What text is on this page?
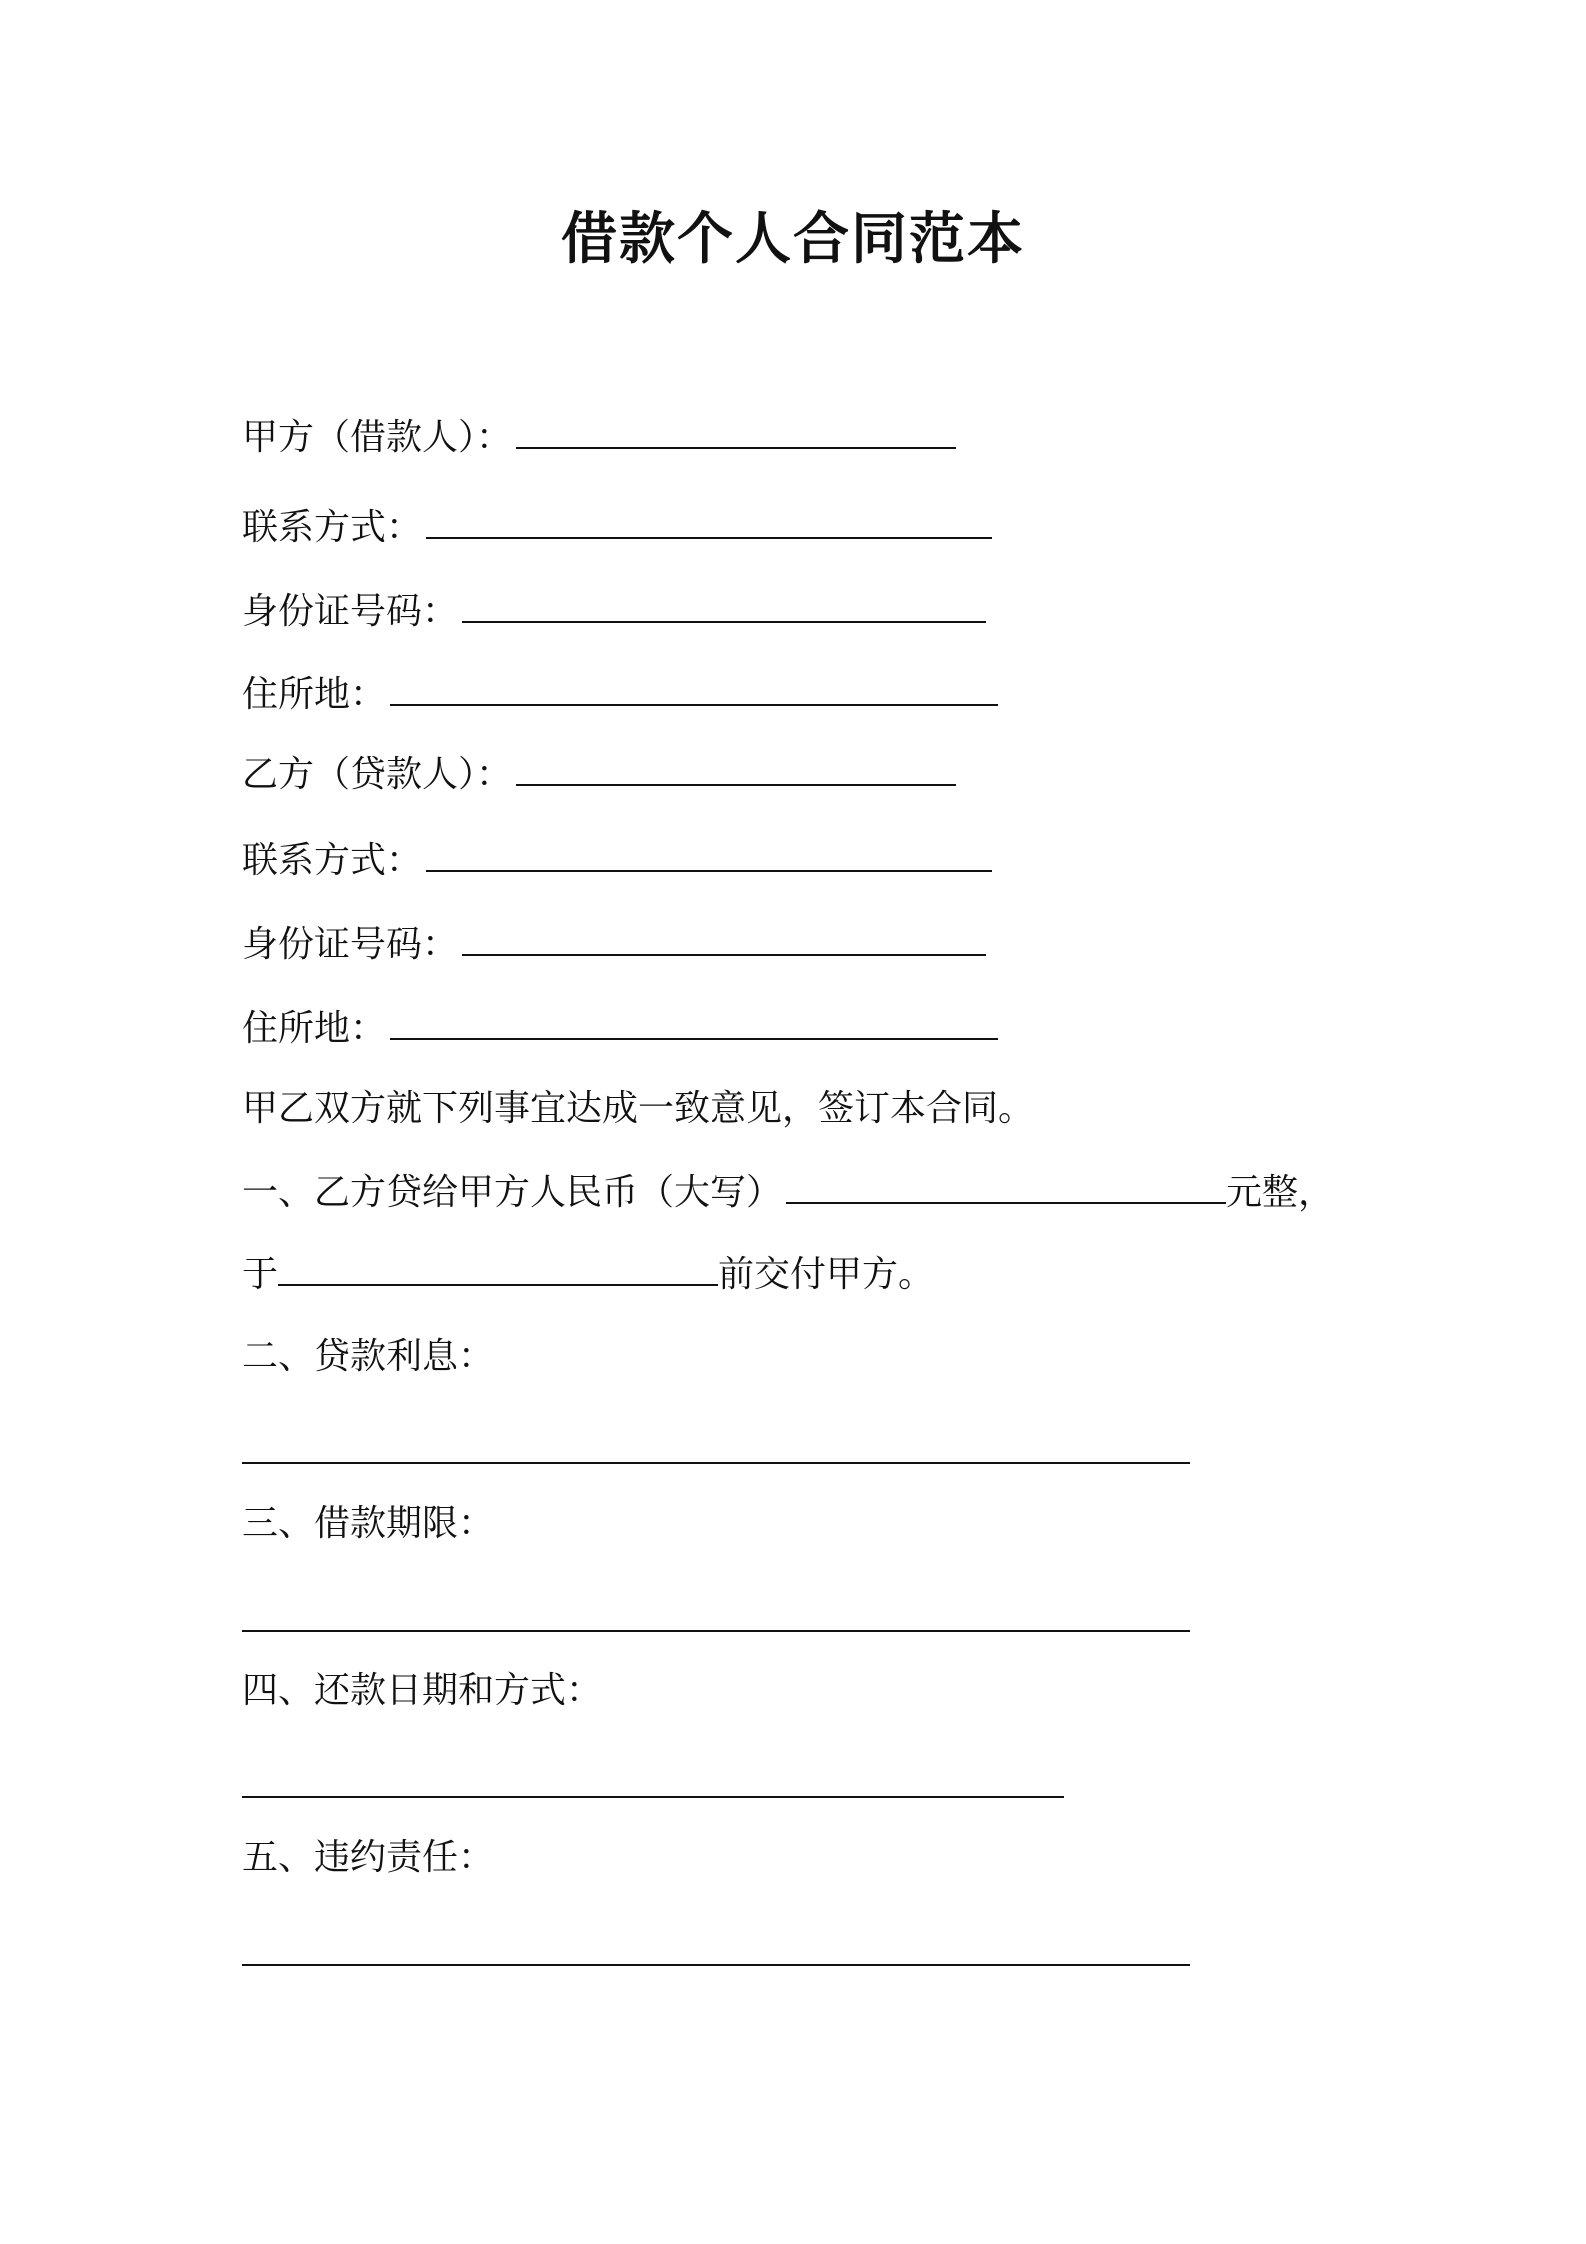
借款个人合同范本
甲方（借款人）：
联系方式：
身份证号码：
住所地：
乙方（贷款人）：
联系方式：
身份证号码：
住所地：
甲乙双方就下列事宜达成一致意见，签订本合同。
一、乙方贷给甲方人民币（大写）	元整，
于	前交付甲方。
二、贷款利息：
三、借款期限：
四、还款日期和方式：
五、违约责任：
